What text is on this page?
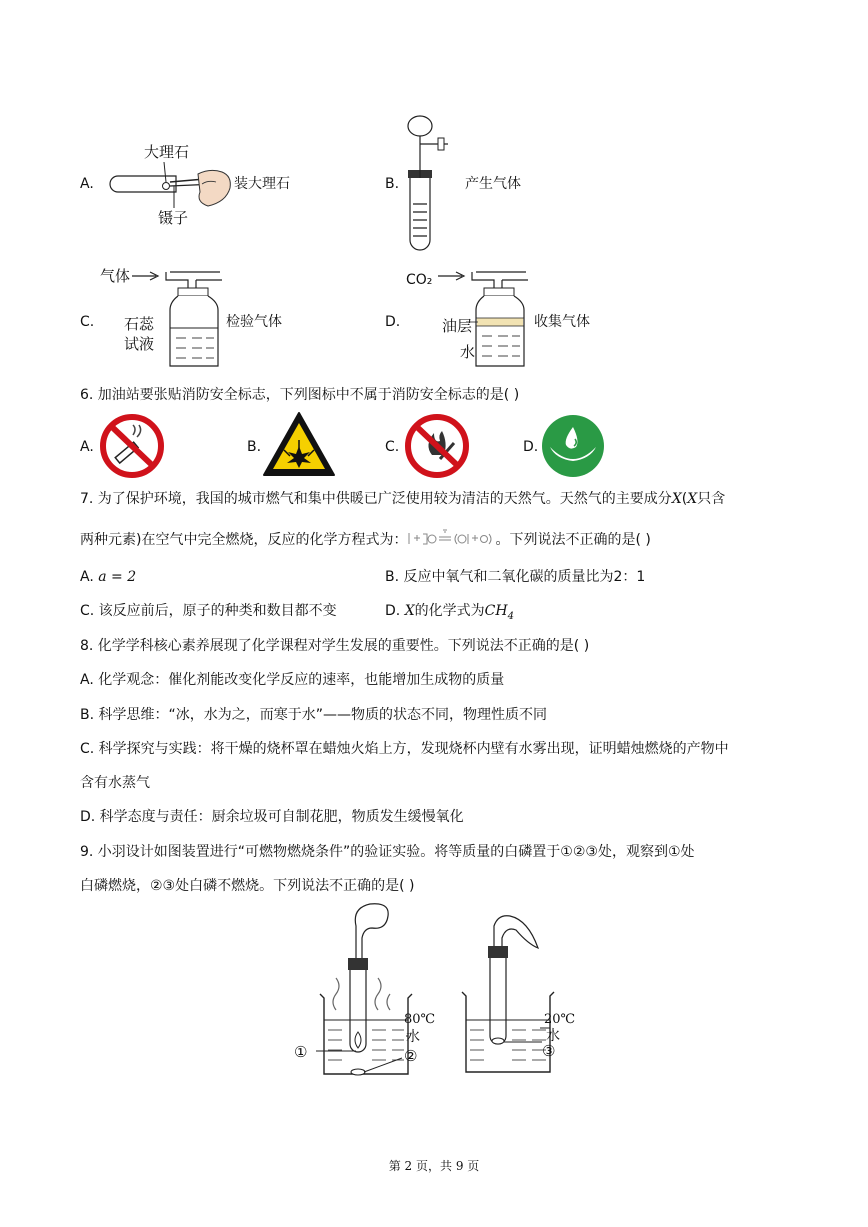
A.
大理石
镊子
装大理石	B.	产生气体
C.
气体
石蕊
试液
检验气体	D.
CO₂
油层
水
收集气体
6. 加油站要张贴消防安全标志，下列图标中不属于消防安全标志的是( )
A.	B.	C.	D.
7. 为了保护环境，我国的城市燃气和集中供暖已广泛使用较为清洁的天然气。天然气的主要成分X(X只含
两种元素)在空气中完全燃烧，反应的化学方程式为：	。下列说法不正确的是( )
A. a = 2	B. 反应中氧气和二氧化碳的质量比为2：1
C. 该反应前后，原子的种类和数目都不变	D. X的化学式为$CH_4$
8. 化学学科核心素养展现了化学课程对学生发展的重要性。下列说法不正确的是( )
A. 化学观念：催化剂能改变化学反应的速率，也能增加生成物的质量
B. 科学思维：“冰，水为之，而寒于水”——物质的状态不同，物理性质不同
C. 科学探究与实践：将干燥的烧杯罩在蜡烛火焰上方，发现烧杯内壁有水雾出现，证明蜡烛燃烧的产物中
含有水蒸气
D. 科学态度与责任：厨余垃圾可自制花肥，物质发生缓慢氧化
9. 小羽设计如图装置进行“可燃物燃烧条件”的验证实验。将等质量的白磷置于①②③处，观察到①处
白磷燃烧，②③处白磷不燃烧。下列说法不正确的是( )
80℃
水
①	②
20℃
水
③
第 2 页，共 9 页
